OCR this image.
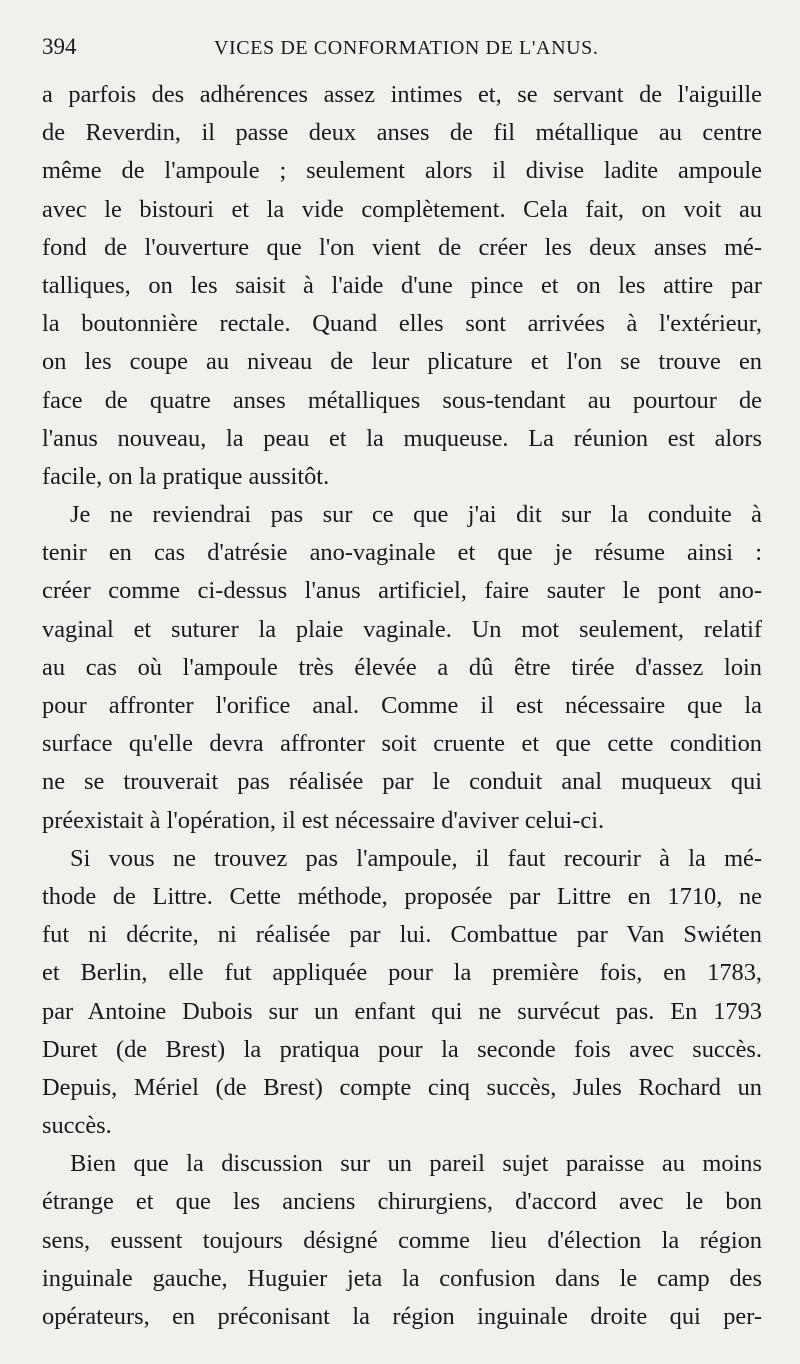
394	VICES DE CONFORMATION DE L'ANUS.
a parfois des adhérences assez intimes et, se servant de l'aiguille
de Reverdin, il passe deux anses de fil métallique au centre
même de l'ampoule ; seulement alors il divise ladite ampoule
avec le bistouri et la vide complètement. Cela fait, on voit au
fond de l'ouverture que l'on vient de créer les deux anses mé-
talliques, on les saisit à l'aide d'une pince et on les attire par
la boutonnière rectale. Quand elles sont arrivées à l'extérieur,
on les coupe au niveau de leur plicature et l'on se trouve en
face de quatre anses métalliques sous-tendant au pourtour de
l'anus nouveau, la peau et la muqueuse. La réunion est alors
facile, on la pratique aussitôt.
Je ne reviendrai pas sur ce que j'ai dit sur la conduite à
tenir en cas d'atrésie ano-vaginale et que je résume ainsi :
créer comme ci-dessus l'anus artificiel, faire sauter le pont ano-
vaginal et suturer la plaie vaginale. Un mot seulement, relatif
au cas où l'ampoule très élevée a dû être tirée d'assez loin
pour affronter l'orifice anal. Comme il est nécessaire que la
surface qu'elle devra affronter soit cruente et que cette condition
ne se trouverait pas réalisée par le conduit anal muqueux qui
préexistait à l'opération, il est nécessaire d'aviver celui-ci.
Si vous ne trouvez pas l'ampoule, il faut recourir à la mé-
thode de Littre. Cette méthode, proposée par Littre en 1710, ne
fut ni décrite, ni réalisée par lui. Combattue par Van Swiéten
et Berlin, elle fut appliquée pour la première fois, en 1783,
par Antoine Dubois sur un enfant qui ne survécut pas. En 1793
Duret (de Brest) la pratiqua pour la seconde fois avec succès.
Depuis, Mériel (de Brest) compte cinq succès, Jules Rochard un
succès.
Bien que la discussion sur un pareil sujet paraisse au moins
étrange et que les anciens chirurgiens, d'accord avec le bon
sens, eussent toujours désigné comme lieu d'élection la région
inguinale gauche, Huguier jeta la confusion dans le camp des
opérateurs, en préconisant la région inguinale droite qui per-
